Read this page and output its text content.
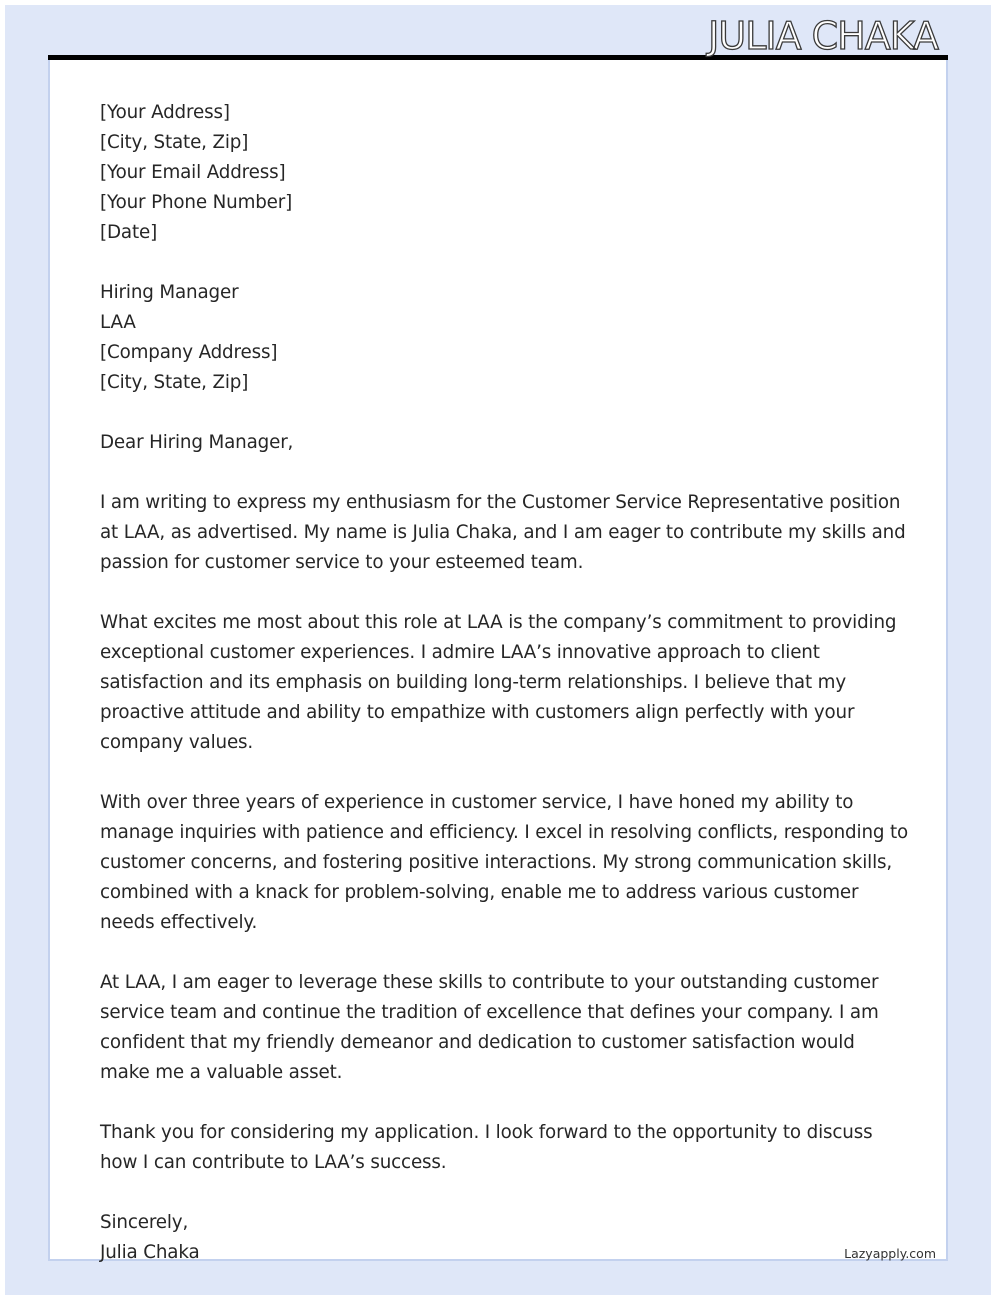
JULIA CHAKA
[Your Address]
[City, State, Zip]
[Your Email Address]
[Your Phone Number]
[Date]
Hiring Manager
LAA
[Company Address]
[City, State, Zip]

Dear Hiring Manager,

I am writing to express my enthusiasm for the Customer Service Representative position
at LAA, as advertised. My name is Julia Chaka, and I am eager to contribute my skills and
passion for customer service to your esteemed team.

What excites me most about this role at LAA is the company’s commitment to providing
exceptional customer experiences. I admire LAA’s innovative approach to client
satisfaction and its emphasis on building long-term relationships. I believe that my
proactive attitude and ability to empathize with customers align perfectly with your
company values.

With over three years of experience in customer service, I have honed my ability to
manage inquiries with patience and efficiency. I excel in resolving conflicts, responding to
customer concerns, and fostering positive interactions. My strong communication skills,
combined with a knack for problem-solving, enable me to address various customer
needs effectively.

At LAA, I am eager to leverage these skills to contribute to your outstanding customer
service team and continue the tradition of excellence that defines your company. I am
confident that my friendly demeanor and dedication to customer satisfaction would
make me a valuable asset.

Thank you for considering my application. I look forward to the opportunity to discuss
how I can contribute to LAA’s success.

Sincerely,
Julia Chaka	Lazyapply.com
